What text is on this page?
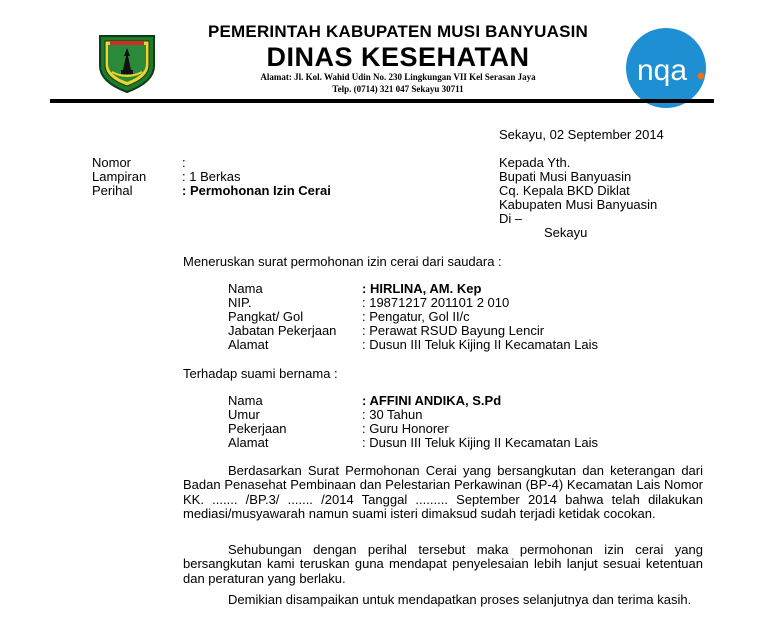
PEMERINTAH KABUPATEN MUSI BANYUASIN
DINAS KESEHATAN
Alamat: Jl. Kol. Wahid Udin No. 230 Lingkungan VII Kel Serasan Jaya
Telp. (0714) 321 047 Sekayu 30711
nqa
Sekayu, 02 September 2014
Nomor	:
Lampiran	: 1 Berkas
Perihal	: Permohonan Izin Cerai
Kepada Yth.
Bupati Musi Banyuasin
Cq. Kepala BKD Diklat
Kabupaten Musi Banyuasin
Di –
Sekayu
Meneruskan surat permohonan izin cerai dari saudara :
Nama	: HIRLINA, AM. Kep
NIP.	: 19871217 201101 2 010
Pangkat/ Gol	: Pengatur, Gol II/c
Jabatan Pekerjaan : Perawat RSUD Bayung Lencir
Alamat	: Dusun III Teluk Kijing II Kecamatan Lais
Terhadap suami bernama :
Nama	: AFFINI ANDIKA, S.Pd
Umur	: 30 Tahun
Pekerjaan	: Guru Honorer
Alamat	: Dusun III Teluk Kijing II Kecamatan Lais
Berdasarkan Surat Permohonan Cerai yang bersangkutan dan keterangan dari Badan Penasehat Pembinaan dan Pelestarian Perkawinan (BP-4) Kecamatan Lais Nomor KK. ....... /BP.3/ ....... /2014 Tanggal ......... September 2014 bahwa telah dilakukan mediasi/musyawarah namun suami isteri dimaksud sudah terjadi ketidak cocokan.
Sehubungan dengan perihal tersebut maka permohonan izin cerai yang bersangkutan kami teruskan guna mendapat penyelesaian lebih lanjut sesuai ketentuan dan peraturan yang berlaku.
Demikian disampaikan untuk mendapatkan proses selanjutnya dan terima kasih.
